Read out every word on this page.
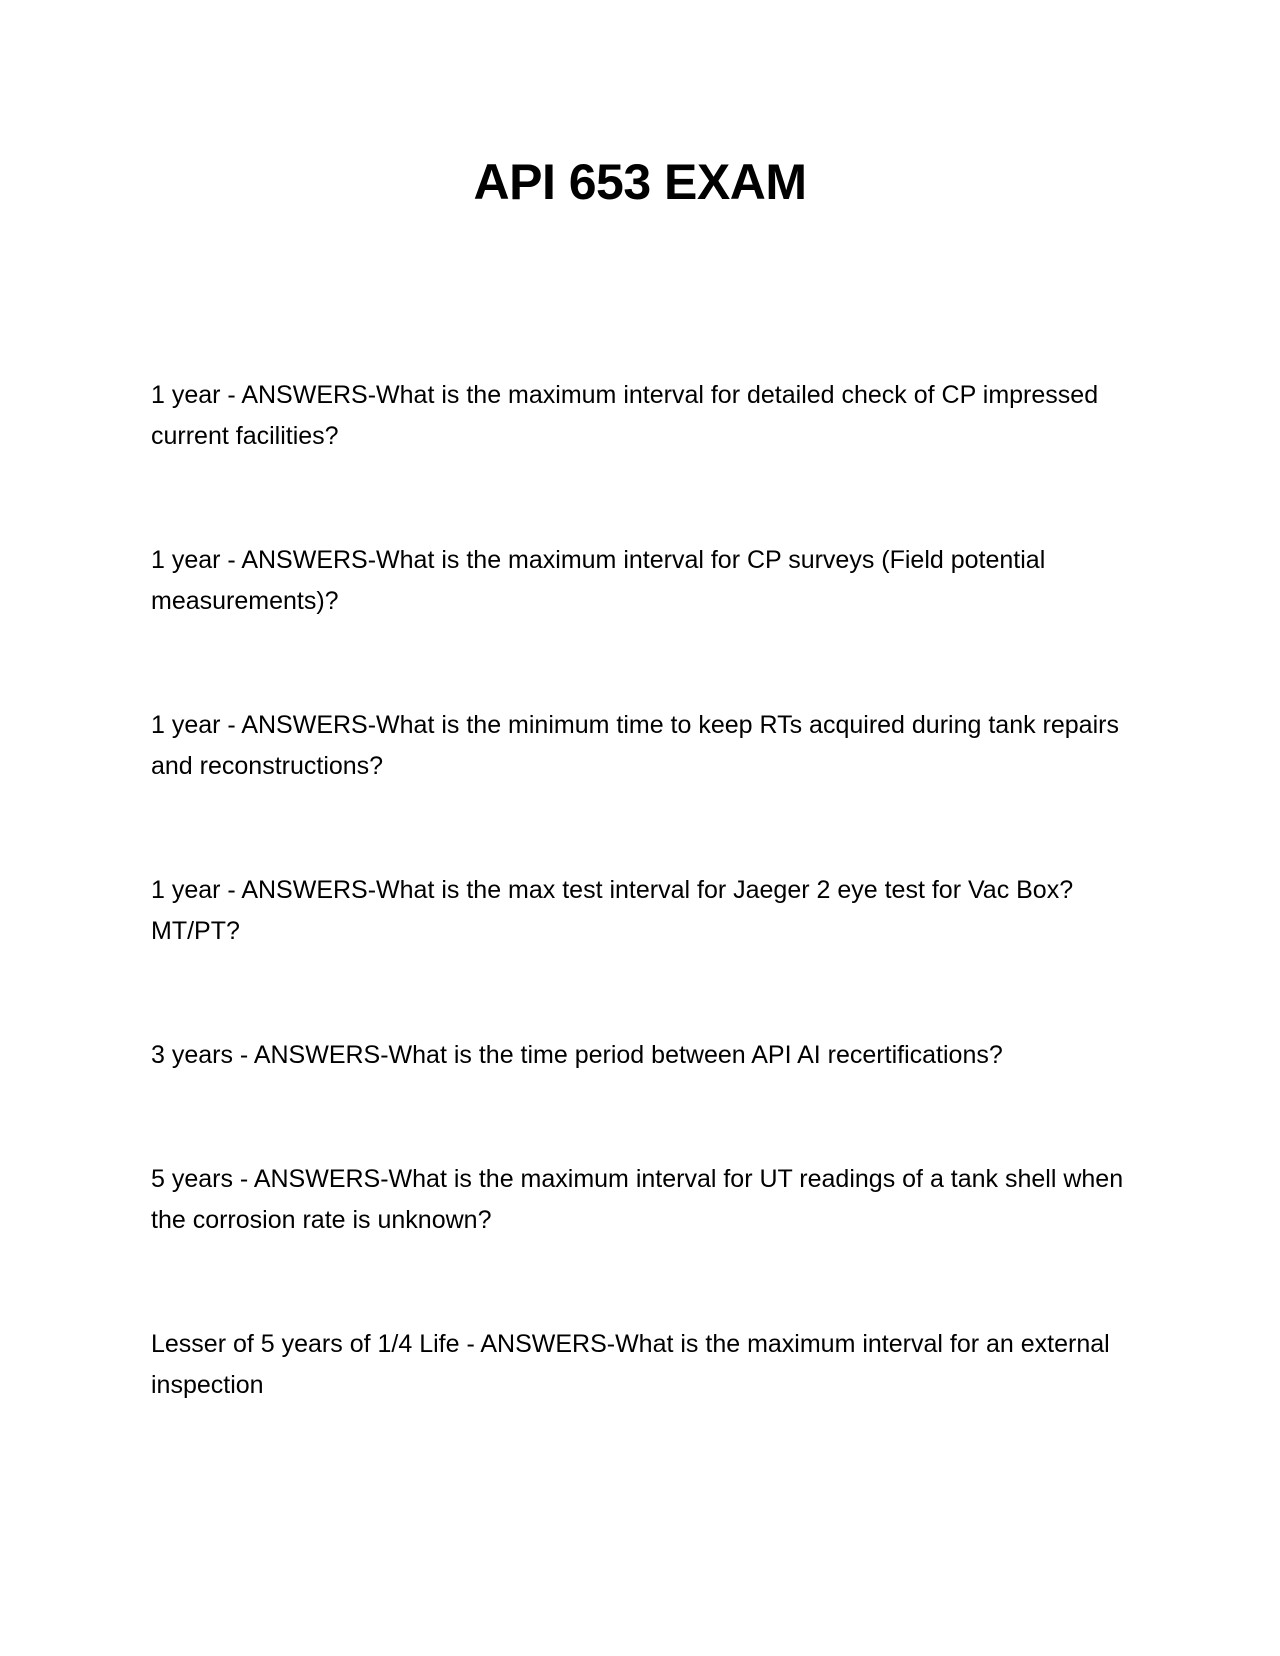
API 653 EXAM

1 year - ANSWERS-What is the maximum interval for detailed check of CP impressed current facilities?

1 year - ANSWERS-What is the maximum interval for CP surveys (Field potential measurements)?

1 year - ANSWERS-What is the minimum time to keep RTs acquired during tank repairs and reconstructions?

1 year - ANSWERS-What is the max test interval for Jaeger 2 eye test for Vac Box? MT/PT?

3 years - ANSWERS-What is the time period between API AI recertifications?

5 years - ANSWERS-What is the maximum interval for UT readings of a tank shell when the corrosion rate is unknown?

Lesser of 5 years of 1/4 Life - ANSWERS-What is the maximum interval for an external inspection
